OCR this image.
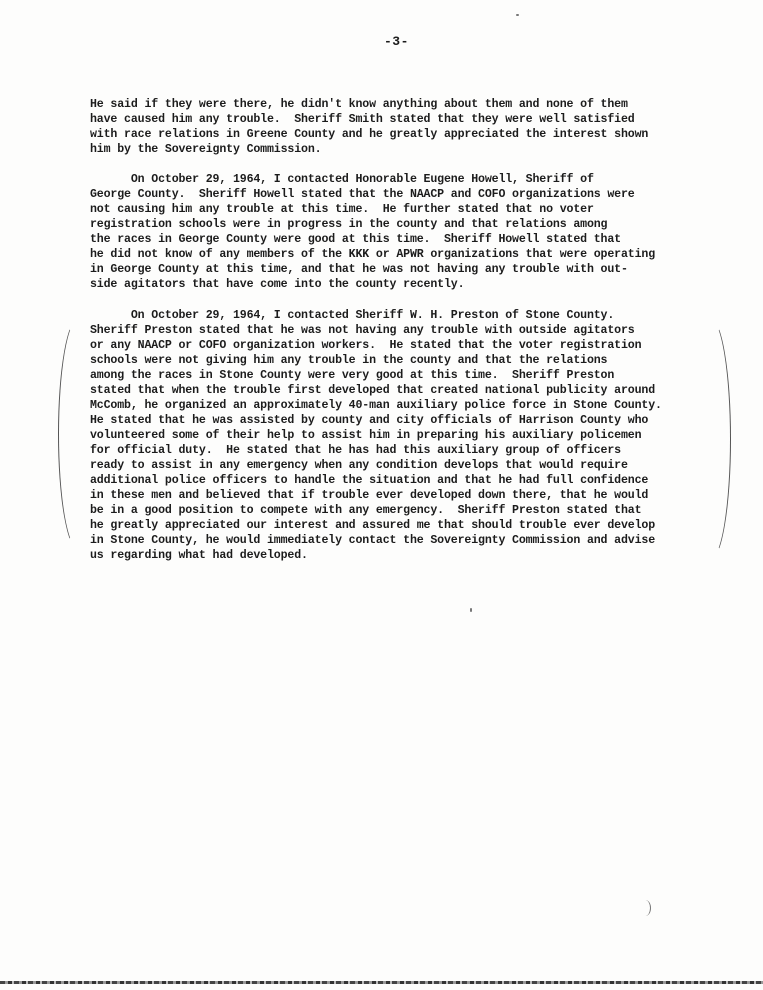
-3-
He said if they were there, he didn't know anything about them and none of them
have caused him any trouble.  Sheriff Smith stated that they were well satisfied
with race relations in Greene County and he greatly appreciated the interest shown
him by the Sovereignty Commission.
On October 29, 1964, I contacted Honorable Eugene Howell, Sheriff of
George County.  Sheriff Howell stated that the NAACP and COFO organizations were
not causing him any trouble at this time.  He further stated that no voter
registration schools were in progress in the county and that relations among
the races in George County were good at this time.  Sheriff Howell stated that
he did not know of any members of the KKK or APWR organizations that were operating
in George County at this time, and that he was not having any trouble with out-
side agitators that have come into the county recently.
On October 29, 1964, I contacted Sheriff W. H. Preston of Stone County.
Sheriff Preston stated that he was not having any trouble with outside agitators
or any NAACP or COFO organization workers.  He stated that the voter registration
schools were not giving him any trouble in the county and that the relations
among the races in Stone County were very good at this time.  Sheriff Preston
stated that when the trouble first developed that created national publicity around
McComb, he organized an approximately 40-man auxiliary police force in Stone County.
He stated that he was assisted by county and city officials of Harrison County who
volunteered some of their help to assist him in preparing his auxiliary policemen
for official duty.  He stated that he has had this auxiliary group of officers
ready to assist in any emergency when any condition develops that would require
additional police officers to handle the situation and that he had full confidence
in these men and believed that if trouble ever developed down there, that he would
be in a good position to compete with any emergency.  Sheriff Preston stated that
he greatly appreciated our interest and assured me that should trouble ever develop
in Stone County, he would immediately contact the Sovereignty Commission and advise
us regarding what had developed.
